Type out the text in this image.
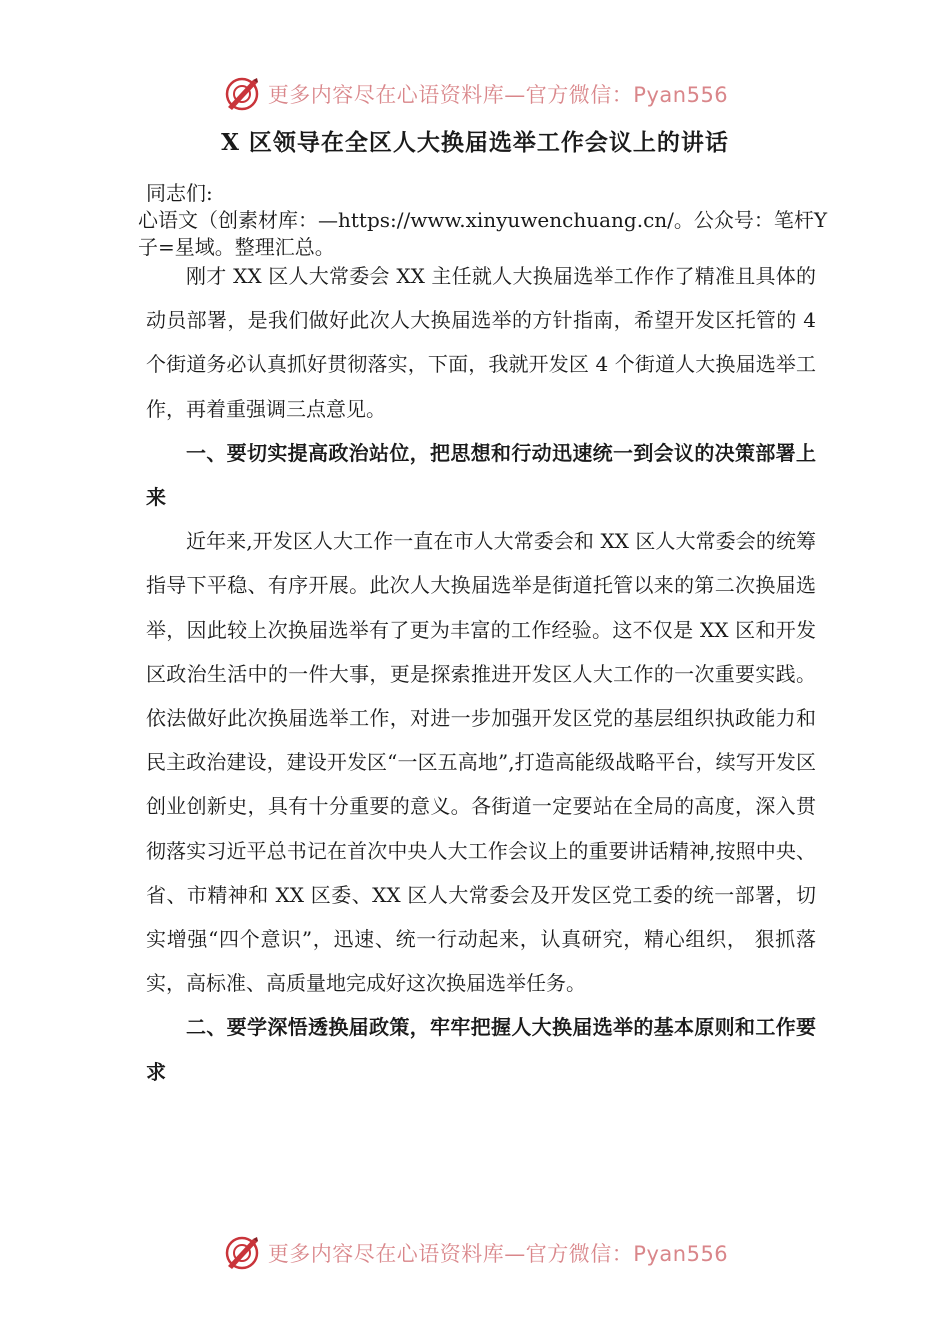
更多内容尽在心语资料库—官方微信：Pyan556
X 区领导在全区人大换届选举工作会议上的讲话
同志们:
心语文（创素材库：—https://www.xinyuwenchuang.cn/。公众号：笔杆Y子=星域。整理汇总。

刚才 XX 区人大常委会 XX 主任就人大换届选举工作作了精准且具体的动员部署，是我们做好此次人大换届选举的方针指南，希望开发区托管的 4 个街道务必认真抓好贯彻落实，下面，我就开发区 4 个街道人大换届选举工作，再着重强调三点意见。

一、要切实提高政治站位，把思想和行动迅速统一到会议的决策部署上来

近年来,开发区人大工作一直在市人大常委会和 XX 区人大常委会的统筹指导下平稳、有序开展。此次人大换届选举是街道托管以来的第二次换届选举，因此较上次换届选举有了更为丰富的工作经验。这不仅是 XX 区和开发区政治生活中的一件大事，更是探索推进开发区人大工作的一次重要实践。依法做好此次换届选举工作，对进一步加强开发区党的基层组织执政能力和民主政治建设，建设开发区“一区五高地”,打造高能级战略平台，续写开发区创业创新史，具有十分重要的意义。各街道一定要站在全局的高度，深入贯彻落实习近平总书记在首次中央人大工作会议上的重要讲话精神,按照中央、省、市精神和 XX 区委、XX 区人大常委会及开发区党工委的统一部署，切实增强“四个意识”，迅速、统一行动起来，认真研究，精心组织， 狠抓落实，高标准、高质量地完成好这次换届选举任务。

二、要学深悟透换届政策，牢牢把握人大换届选举的基本原则和工作要求

更多内容尽在心语资料库—官方微信：Pyan556
